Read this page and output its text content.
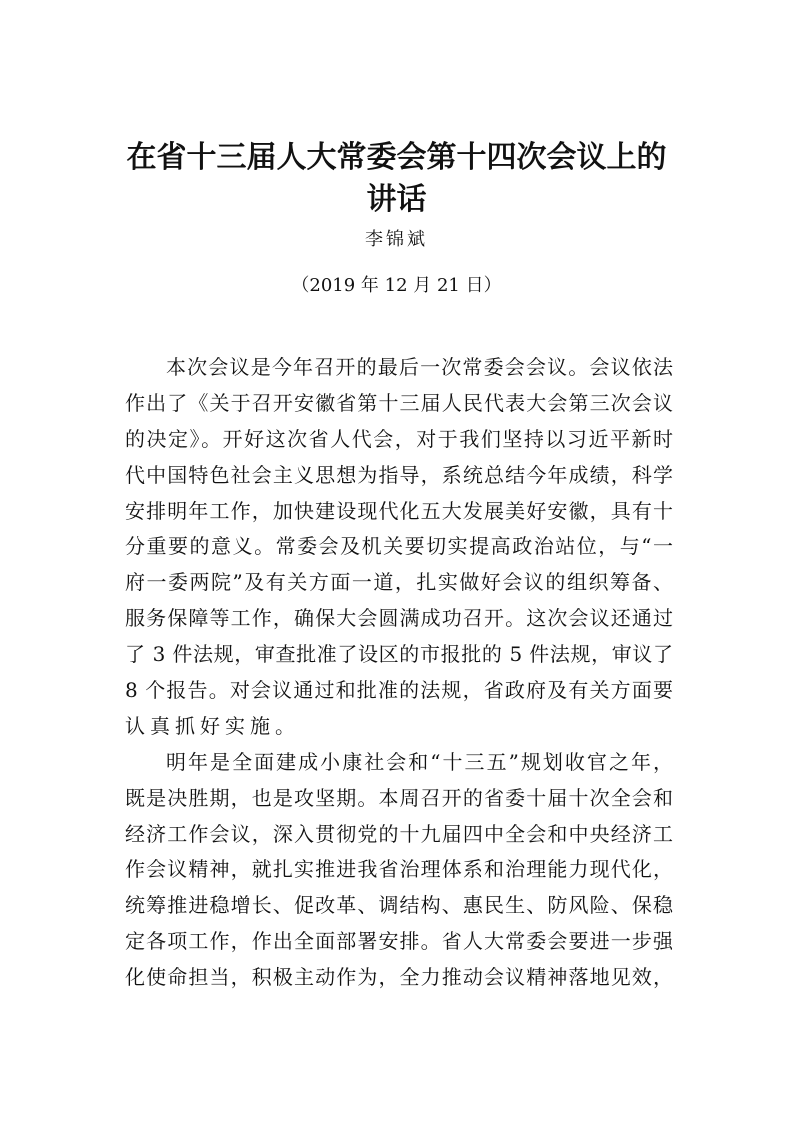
在省十三届人大常委会第十四次会议上的
讲话
李锦斌
（2019 年 12 月 21 日）
本次会议是今年召开的最后一次常委会会议。会议依法
作出了《关于召开安徽省第十三届人民代表大会第三次会议
的决定》。开好这次省人代会，对于我们坚持以习近平新时
代中国特色社会主义思想为指导，系统总结今年成绩，科学
安排明年工作，加快建设现代化五大发展美好安徽，具有十
分重要的意义。常委会及机关要切实提高政治站位，与“一
府一委两院”及有关方面一道，扎实做好会议的组织筹备、
服务保障等工作，确保大会圆满成功召开。这次会议还通过
了 3 件法规，审查批准了设区的市报批的 5 件法规，审议了
8 个报告。对会议通过和批准的法规，省政府及有关方面要
认真抓好实施。
明年是全面建成小康社会和“十三五”规划收官之年，
既是决胜期，也是攻坚期。本周召开的省委十届十次全会和
经济工作会议，深入贯彻党的十九届四中全会和中央经济工
作会议精神，就扎实推进我省治理体系和治理能力现代化，
统筹推进稳增长、促改革、调结构、惠民生、防风险、保稳
定各项工作，作出全面部署安排。省人大常委会要进一步强
化使命担当，积极主动作为，全力推动会议精神落地见效，
